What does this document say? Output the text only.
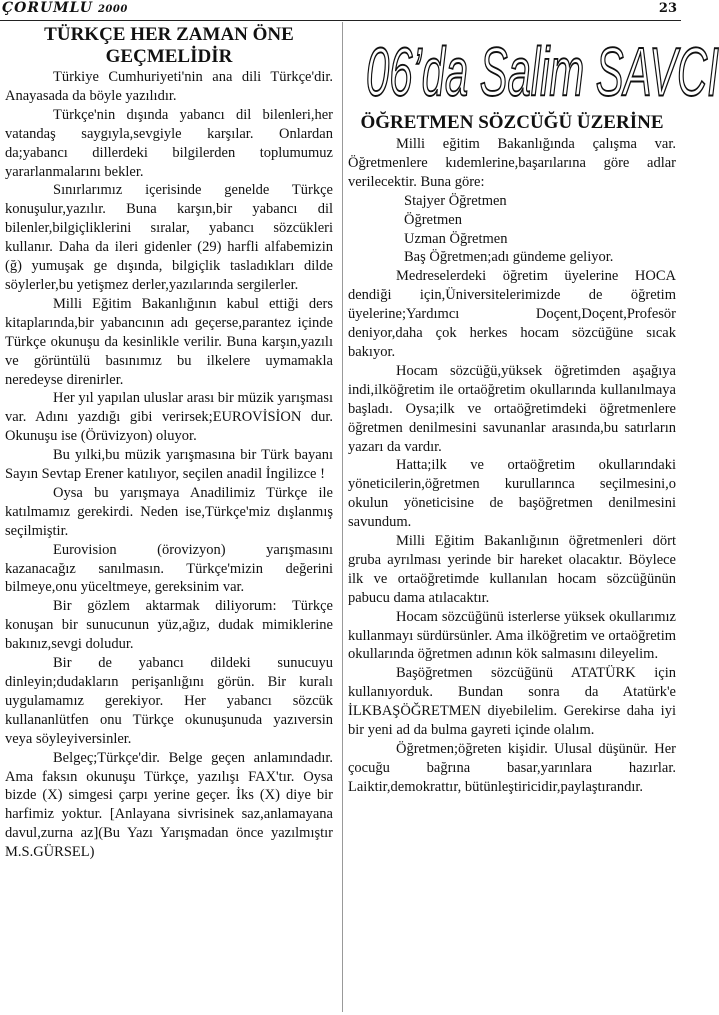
ÇORUMLU 2000	23
TÜRKÇE HER ZAMAN ÖNE GEÇMELİDİR

Türkiye Cumhuriyeti'nin ana dili Türkçe'dir. Anayasada da böyle yazılıdır.

Türkçe'nin dışında yabancı dil bilenleri,her vatandaş saygıyla,sevgiyle karşılar. Onlardan da;yabancı dillerdeki bilgilerden toplumumuz yararlanmalarını bekler.

Sınırlarımız içerisinde genelde Türkçe konuşulur,yazılır. Buna karşın,bir yabancı dil bilenler,bilgiçliklerini sıralar, yabancı sözcükleri kullanır. Daha da ileri gidenler (29) harfli alfabemizin (ğ) yumuşak ge dışında, bilgiçlik tasladıkları dilde söylerler,bu yetişmez derler,yazılarında sergilerler.

Milli Eğitim Bakanlığının kabul ettiği ders kitaplarında,bir yabancının adı geçerse,parantez içinde Türkçe okunuşu da kesinlikle verilir. Buna karşın,yazılı ve görüntülü basınımız bu ilkelere uymamakla neredeyse direnirler.

Her yıl yapılan uluslar arası bir müzik yarışması var. Adını yazdığı gibi verirsek;EUROVİSİON dur. Okunuşu ise (Örüvizyon) oluyor.

Bu yılki,bu müzik yarışmasına bir Türk bayanı Sayın Sevtap Erener katılıyor, seçilen anadil İngilizce !

Oysa bu yarışmaya Anadilimiz Türkçe ile katılmamız gerekirdi. Neden ise,Türkçe'miz dışlanmış seçilmiştir.

Eurovision (örovizyon) yarışmasını kazanacağız sanılmasın. Türkçe'mizin değerini bilmeye,onu yüceltmeye, gereksinim var.

Bir gözlem aktarmak diliyorum: Türkçe konuşan bir sunucunun yüz,ağız, dudak mimiklerine bakınız,sevgi doludur.

Bir de yabancı dildeki sunucuyu dinleyin;dudakların perişanlığını görün. Bir kuralı uygulamamız gerekiyor. Her yabancı sözcük kullananlütfen onu Türkçe okunuşunuda yazıversin veya söyleyiversinler.

Belgeç;Türkçe'dir. Belge geçen anlamındadır. Ama faksın okunuşu Türkçe, yazılışı FAX'tır. Oysa bizde (X) simgesi çarpı yerine geçer. İks (X) diye bir harfimiz yoktur. [Anlayana sivrisinek saz,anlamayana davul,zurna az](Bu Yazı Yarışmadan önce yazılmıştır M.S.GÜRSEL)

06’da Salim SAVCI
ÖĞRETMEN SÖZCÜĞÜ ÜZERİNE

Milli eğitim Bakanlığında çalışma var. Öğretmenlere kıdemlerine,başarılarına göre adlar verilecektir. Buna göre:

Stajyer Öğretmen
Öğretmen
Uzman Öğretmen
Baş Öğretmen;adı gündeme geliyor.

Medreselerdeki öğretim üyelerine HOCA dendiği için,Üniversitelerimizde de öğretim üyelerine;Yardımcı Doçent,Doçent,Profesör deniyor,daha çok herkes hocam sözcüğüne sıcak bakıyor.

Hocam sözcüğü,yüksek öğretimden aşağıya indi,ilköğretim ile ortaöğretim okullarında kullanılmaya başladı. Oysa;ilk ve ortaöğretimdeki öğretmenlere öğretmen denilmesini savunanlar arasında,bu satırların yazarı da vardır.

Hatta;ilk ve ortaöğretim okullarındaki yöneticilerin,öğretmen kurullarınca seçilmesini,o okulun yöneticisine de başöğretmen denilmesini savundum.

Milli Eğitim Bakanlığının öğretmenleri dört gruba ayrılması yerinde bir hareket olacaktır. Böylece ilk ve ortaöğretimde kullanılan hocam sözcüğünün pabucu dama atılacaktır.

Hocam sözcüğünü isterlerse yüksek okullarımız kullanmayı sürdürsünler. Ama ilköğretim ve ortaöğretim okullarında öğretmen adının kök salmasını dileyelim.

Başöğretmen sözcüğünü ATATÜRK için kullanıyorduk. Bundan sonra da Atatürk'e İLKBAŞÖĞRETMEN diyebilelim. Gerekirse daha iyi bir yeni ad da bulma gayreti içinde olalım.

Öğretmen;öğreten kişidir. Ulusal düşünür. Her çocuğu bağrına basar,yarınlara hazırlar. Laiktir,demokrattır, bütünleştiricidir,paylaştırandır.
